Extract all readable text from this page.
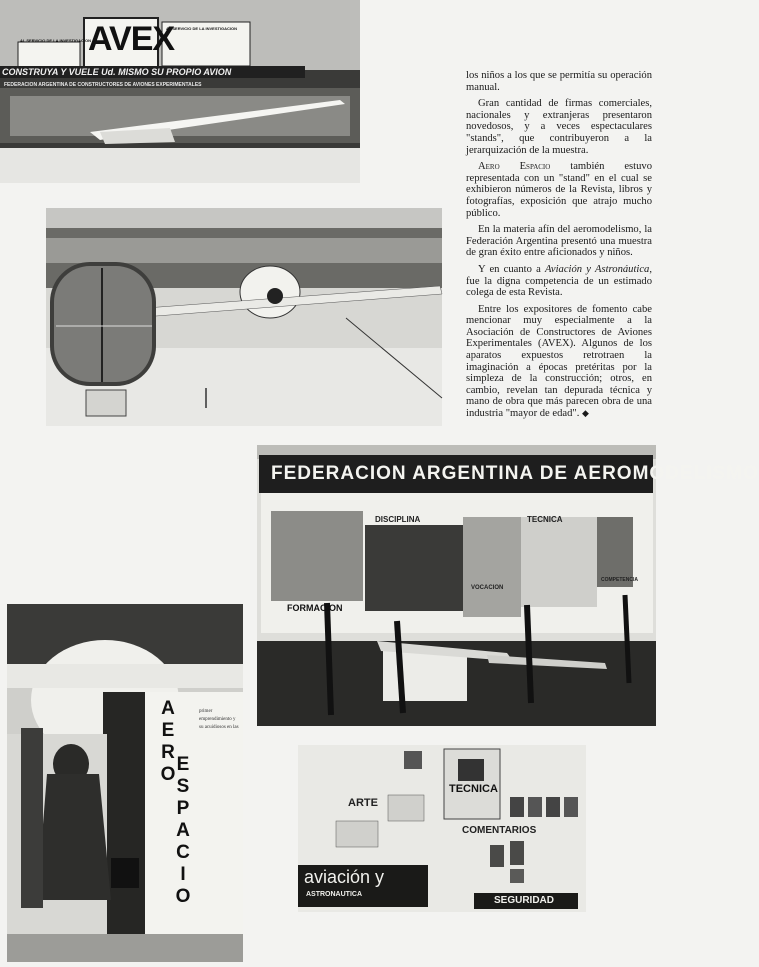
AVEX
AL SERVICIO DE LA INVESTIGACION
AL SERVICIO DE LA INVESTIGACION
CONSTRUYA Y VUELE Ud. MISMO SU PROPIO AVION
FEDERACION ARGENTINA DE CONSTRUCTORES DE AVIONES EXPERIMENTALES

los niños a los que se permitía su operación manual.

Gran cantidad de firmas comerciales, nacionales y extranjeras presentaron novedosos, y a veces espectaculares "stands", que contribuyeron a la jerarquización de la muestra.

Aero Espacio también estuvo representada con un "stand" en el cual se exhibieron números de la Revista, libros y fotografías, exposición que atrajo mucho público.

En la materia afín del aeromodelismo, la Federación Argentina presentó una muestra de gran éxito entre aficionados y niños.

Y en cuanto a Aviación y Astronáutica, fue la digna competencia de un estimado colega de esta Revista.

Entre los expositores de fomento cabe mencionar muy especialmente a la Asociación de Constructores de Aviones Experimentales (AVEX). Algunos de los aparatos expuestos retrotraen la imaginación a épocas pretéritas por la simpleza de la construcción; otros, en cambio, revelan tan depurada técnica y mano de obra que más parecen obra de una industria "mayor de edad". ◆

FEDERACION ARGENTINA DE AEROMODELISMO
DISCIPLINA	TECNICA
FORMACION
VOCACION
COMPETENCIA
AERO ESPACIO
primer emprendimiento y su acuidiosos en las
ARTE
TECNICA
COMENTARIOS
aviación y
ASTRONAUTICA
SEGURIDAD
